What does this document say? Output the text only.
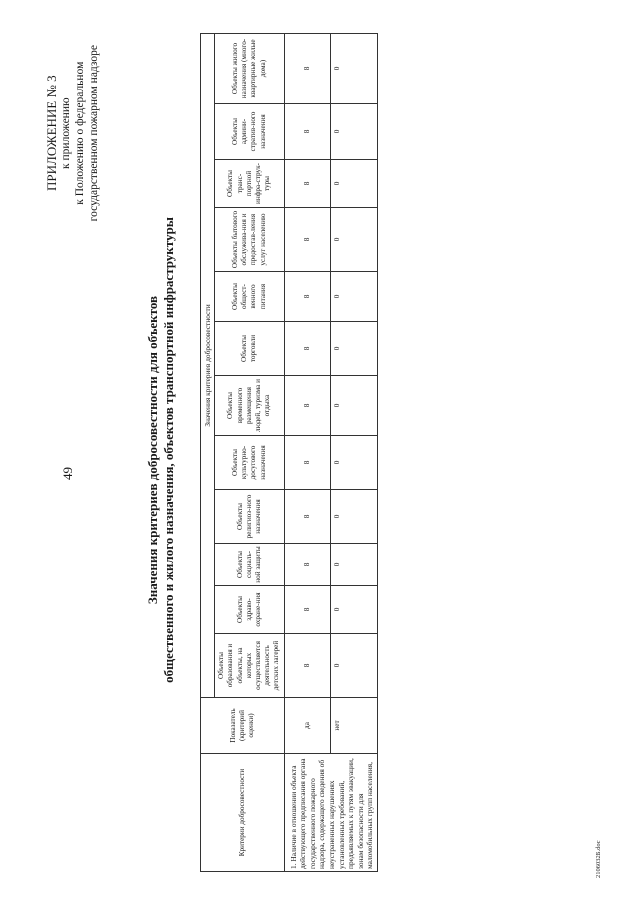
49
ПРИЛОЖЕНИЕ № 3 к приложению к Положению о федеральном государственном пожарном надзоре
Значения критериев добросовестности для объектов общественного и жилого назначения, объектов транспортной инфраструктуры
Критерии добросовестности	Показатель (критерий оценки)	Значения критериев добросовестности											
		Объекты образования и объекты, на которых осуществляется деятельность детских лагерей	Объекты здраво-охране-ния	Объекты социаль-ной защиты	Объекты религиоз-ного назначения	Объекты культурно-досугового назначения	Объекты временного размещения людей, туризма и отдыха	Объекты торговли	Объекты общест-венного питания	Объекты бытового обслужива-ния и предостав-ления услуг населению	Объекты транс-портной инфра-струк-туры	Объекты админи-стратив-ного назначения	Объекты жилого назначения (много-квартирные жилые дома)
1. Наличие в отношении объекта действующего предписания органа государственного пожарного надзора, содержащего сведения об неустраненных нарушениях установленных требований, предъявляемых к путям эвакуации, зонам безопасности для маломобильных групп населения,	да	8	8	8	8	8	8	8	8	8	8	8	8
	нет	0	0	0	0	0	0	0	0	0	0	0	0
2106032Б.doc
